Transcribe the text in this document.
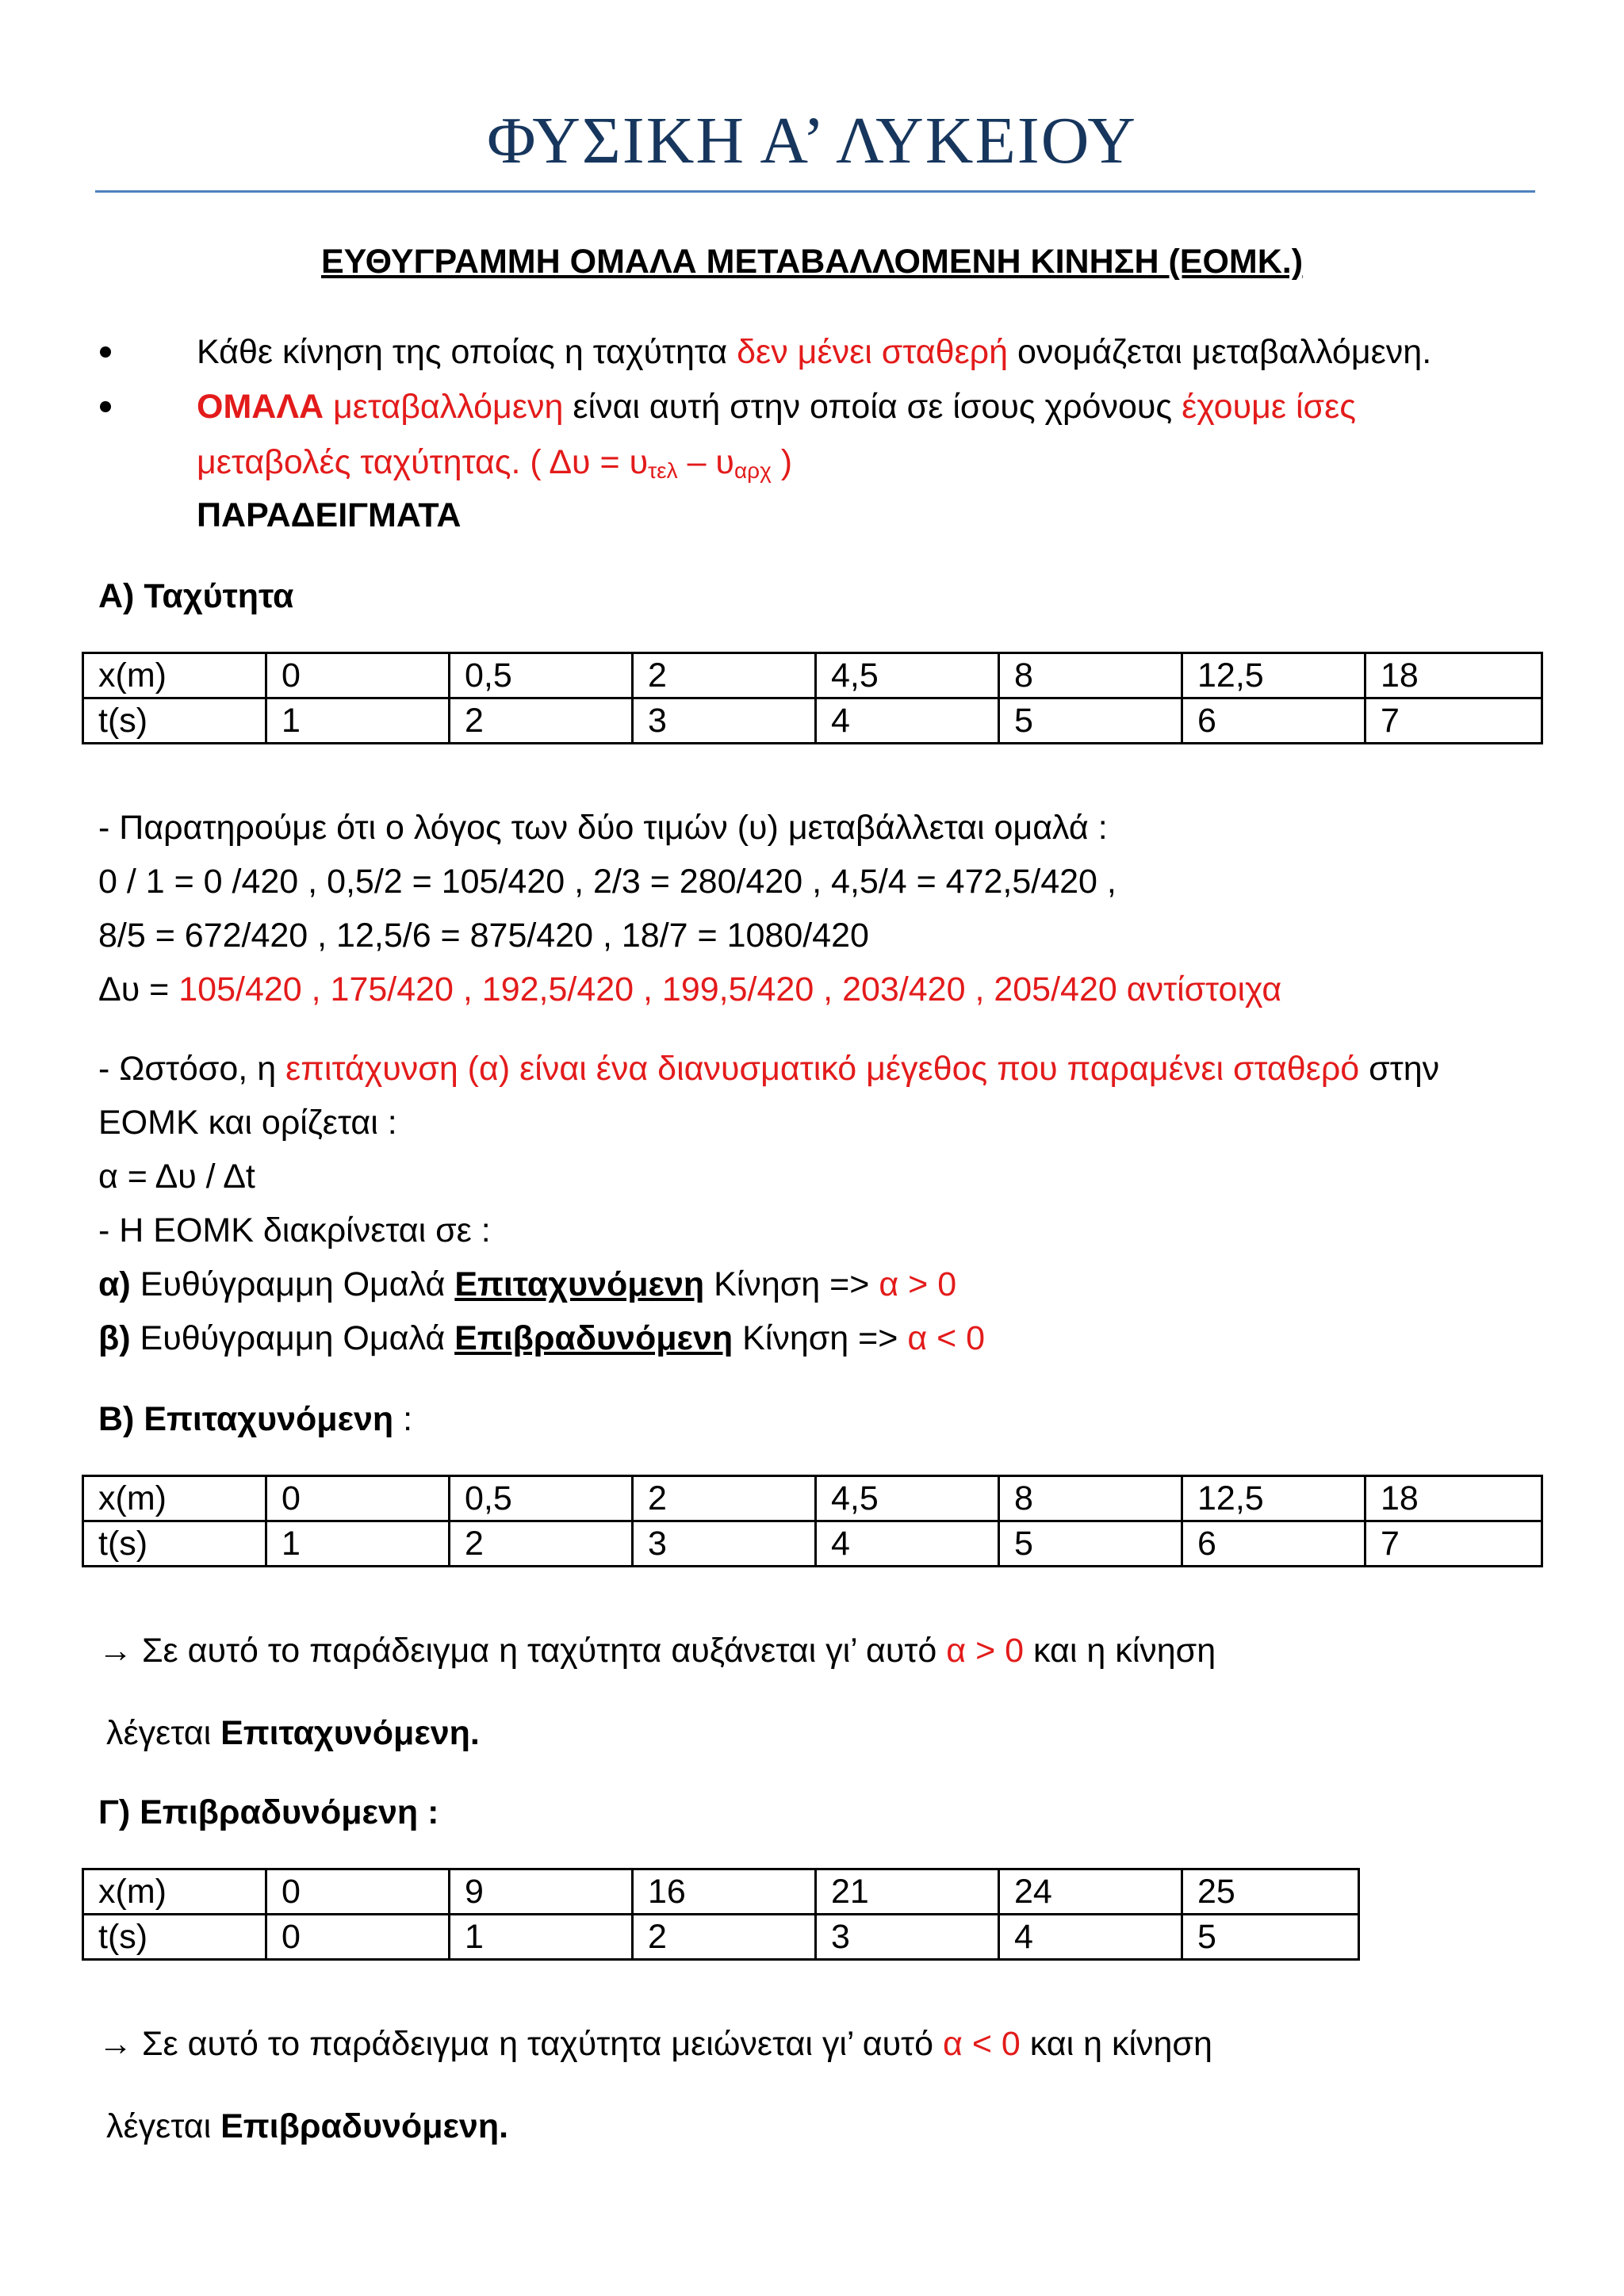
ΦΥΣΙΚΗ Α’ ΛΥΚΕΙΟΥ
ΕΥΘΥΓΡΑΜΜΗ ΟΜΑΛΑ ΜΕΤΑΒΑΛΛΟΜΕΝΗ ΚΙΝΗΣΗ (ΕΟΜΚ.)
Κάθε κίνηση της οποίας η ταχύτητα δεν μένει σταθερή ονομάζεται μεταβαλλόμενη.
ΟΜΑΛΑ μεταβαλλόμενη είναι αυτή στην οποία σε ίσους χρόνους έχουμε ίσες
μεταβολές ταχύτητας. ( $\Delta\upsilon = \upsilon_{\tau\varepsilon\lambda} - \upsilon_{\alpha\rho\chi}$ )
ΠΑΡΑΔΕΙΓΜΑΤΑ
Α) Ταχύτητα
x(m)	0	0,5	2	4,5	8	12,5	18
t(s)	1	2	3	4	5	6	7
- Παρατηρούμε ότι ο λόγος των δύο τιμών (υ) μεταβάλλεται ομαλά :
0 / 1 = 0 /420 , 0,5/2 = 105/420 , 2/3 = 280/420 , 4,5/4 = 472,5/420 ,
8/5 = 672/420 , 12,5/6 = 875/420 , 18/7 = 1080/420
Δυ = 105/420 , 175/420 , 192,5/420 , 199,5/420 , 203/420 , 205/420 αντίστοιχα
- Ωστόσο, η επιτάχυνση (α) είναι ένα διανυσματικό μέγεθος που παραμένει σταθερό στην
ΕΟΜΚ και ορίζεται :
α = Δυ / Δt
- Η ΕΟΜΚ διακρίνεται σε :
α) Ευθύγραμμη Ομαλά Επιταχυνόμενη Κίνηση => α > 0
β) Ευθύγραμμη Ομαλά Επιβραδυνόμενη Κίνηση => α < 0
Β) Επιταχυνόμενη :
x(m)	0	0,5	2	4,5	8	12,5	18
t(s)	1	2	3	4	5	6	7
→ Σε αυτό το παράδειγμα η ταχύτητα αυξάνεται γι’ αυτό α > 0 και η κίνηση
λέγεται Επιταχυνόμενη.
Γ) Επιβραδυνόμενη :
x(m)	0	9	16	21	24	25
t(s)	0	1	2	3	4	5
→ Σε αυτό το παράδειγμα η ταχύτητα μειώνεται γι’ αυτό α < 0 και η κίνηση
λέγεται Επιβραδυνόμενη.
